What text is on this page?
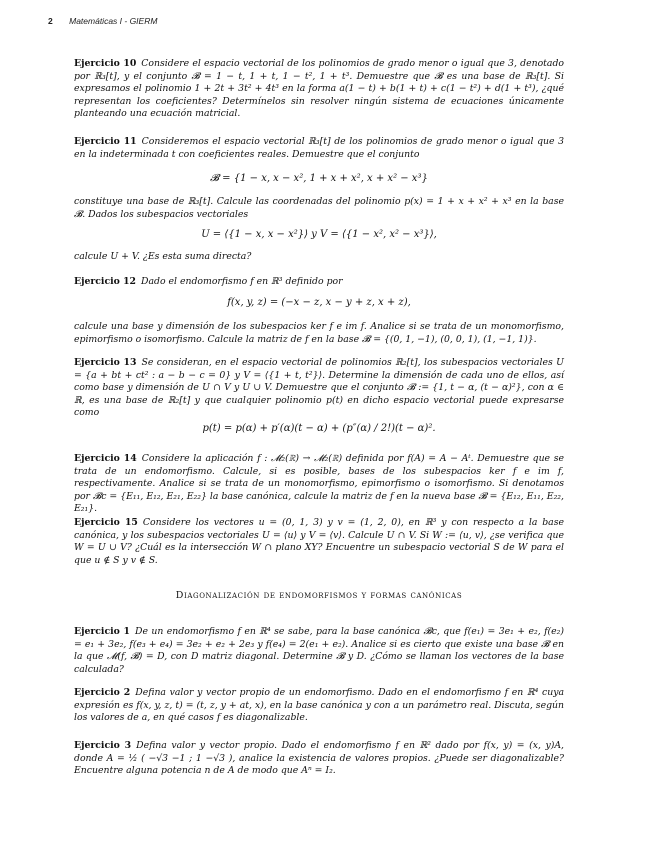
2 Matemáticas I - GIERM

Ejercicio 10 Considere el espacio vectorial de los polinomios de grado menor o igual que 3, denotado por ℝ₃[t], y el conjunto 𝓑 = 1 − t, 1 + t, 1 − t², 1 + t³. Demuestre que 𝓑 es una base de ℝ₃[t]. Si expresamos el polinomio 1 + 2t + 3t² + 4t³ en la forma a(1 − t) + b(1 + t) + c(1 − t²) + d(1 + t³), ¿qué representan los coeficientes? Determínelos sin resolver ningún sistema de ecuaciones únicamente planteando una ecuación matricial.

Ejercicio 11 Consideremos el espacio vectorial ℝ₃[t] de los polinomios de grado menor o igual que 3 en la indeterminada t con coeficientes reales. Demuestre que el conjunto

𝓑 = {1 − x, x − x², 1 + x + x², x + x² − x³}

constituye una base de ℝ₃[t]. Calcule las coordenadas del polinomio p(x) = 1 + x + x² + x³ en la base 𝓑. Dados los subespacios vectoriales

U = ⟨{1 − x, x − x²}⟩ y V = ⟨{1 − x², x² − x³}⟩,

calcule U + V. ¿Es esta suma directa?

Ejercicio 12 Dado el endomorfismo f en ℝ³ definido por

f(x, y, z) = (−x − z, x − y + z, x + z),

calcule una base y dimensión de los subespacios ker f e im f. Analice si se trata de un monomorfismo, epimorfismo o isomorfismo. Calcule la matriz de f en la base 𝓑 = {(0, 1, −1), (0, 0, 1), (1, −1, 1)}.

Ejercicio 13 Se consideran, en el espacio vectorial de polinomios ℝ₂[t], los subespacios vectoriales U = {a + bt + ct² : a − b − c = 0} y V = ⟨{1 + t, t²}⟩. Determine la dimensión de cada uno de ellos, así como base y dimensión de U ∩ V y U ∪ V. Demuestre que el conjunto 𝓑 := {1, t − α, (t − α)²}, con α ∈ ℝ, es una base de ℝ₂[t] y que cualquier polinomio p(t) en dicho espacio vectorial puede expresarse como

p(t) = p(α) + p′(α)(t − α) + (p″(α) / 2!)(t − α)².

Ejercicio 14 Considere la aplicación f : 𝓜₂(ℝ) → 𝓜₂(ℝ) definida por f(A) = A − Aᵗ. Demuestre que se trata de un endomorfismo. Calcule, si es posible, bases de los subespacios ker f e im f, respectivamente. Analice si se trata de un monomorfismo, epimorfismo o isomorfismo. Si denotamos por 𝓑c = {E₁₁, E₁₂, E₂₁, E₂₂} la base canónica, calcule la matriz de f en la nueva base 𝓑 = {E₁₂, E₁₁, E₂₂, E₂₁}.

Ejercicio 15 Considere los vectores u = (0, 1, 3) y v = (1, 2, 0), en ℝ³ y con respecto a la base canónica, y los subespacios vectoriales U = ⟨u⟩ y V = ⟨v⟩. Calcule U ∩ V. Si W := ⟨u, v⟩, ¿se verifica que W = U ∪ V? ¿Cuál es la intersección W ∩ plano XY? Encuentre un subespacio vectorial S de W para el que u ∉ S y v ∉ S.

Diagonalización de endomorfismos y formas canónicas

Ejercicio 1 De un endomorfismo f en ℝ⁴ se sabe, para la base canónica 𝓑c, que f(e₁) = 3e₁ + e₂, f(e₂) = e₁ + 3e₂, f(e₃ + e₄) = 3e₂ + e₂ + 2e₃ y f(e₄) = 2(e₁ + e₂). Analice si es cierto que existe una base 𝓑 en la que 𝓜(f, 𝓑) = D, con D matriz diagonal. Determine 𝓑 y D. ¿Cómo se llaman los vectores de la base calculada?

Ejercicio 2 Defina valor y vector propio de un endomorfismo. Dado en el endomorfismo f en ℝ⁴ cuya expresión es f(x, y, z, t) = (t, z, y + at, x), en la base canónica y con a un parámetro real. Discuta, según los valores de a, en qué casos f es diagonalizable.

Ejercicio 3 Defina valor y vector propio. Dado el endomorfismo f en ℝ² dado por f(x, y) = (x, y)A, donde A = ½ ( −√3 −1 ; 1 −√3 ), analice la existencia de valores propios. ¿Puede ser diagonalizable? Encuentre alguna potencia n de A de modo que Aⁿ = I₂.
